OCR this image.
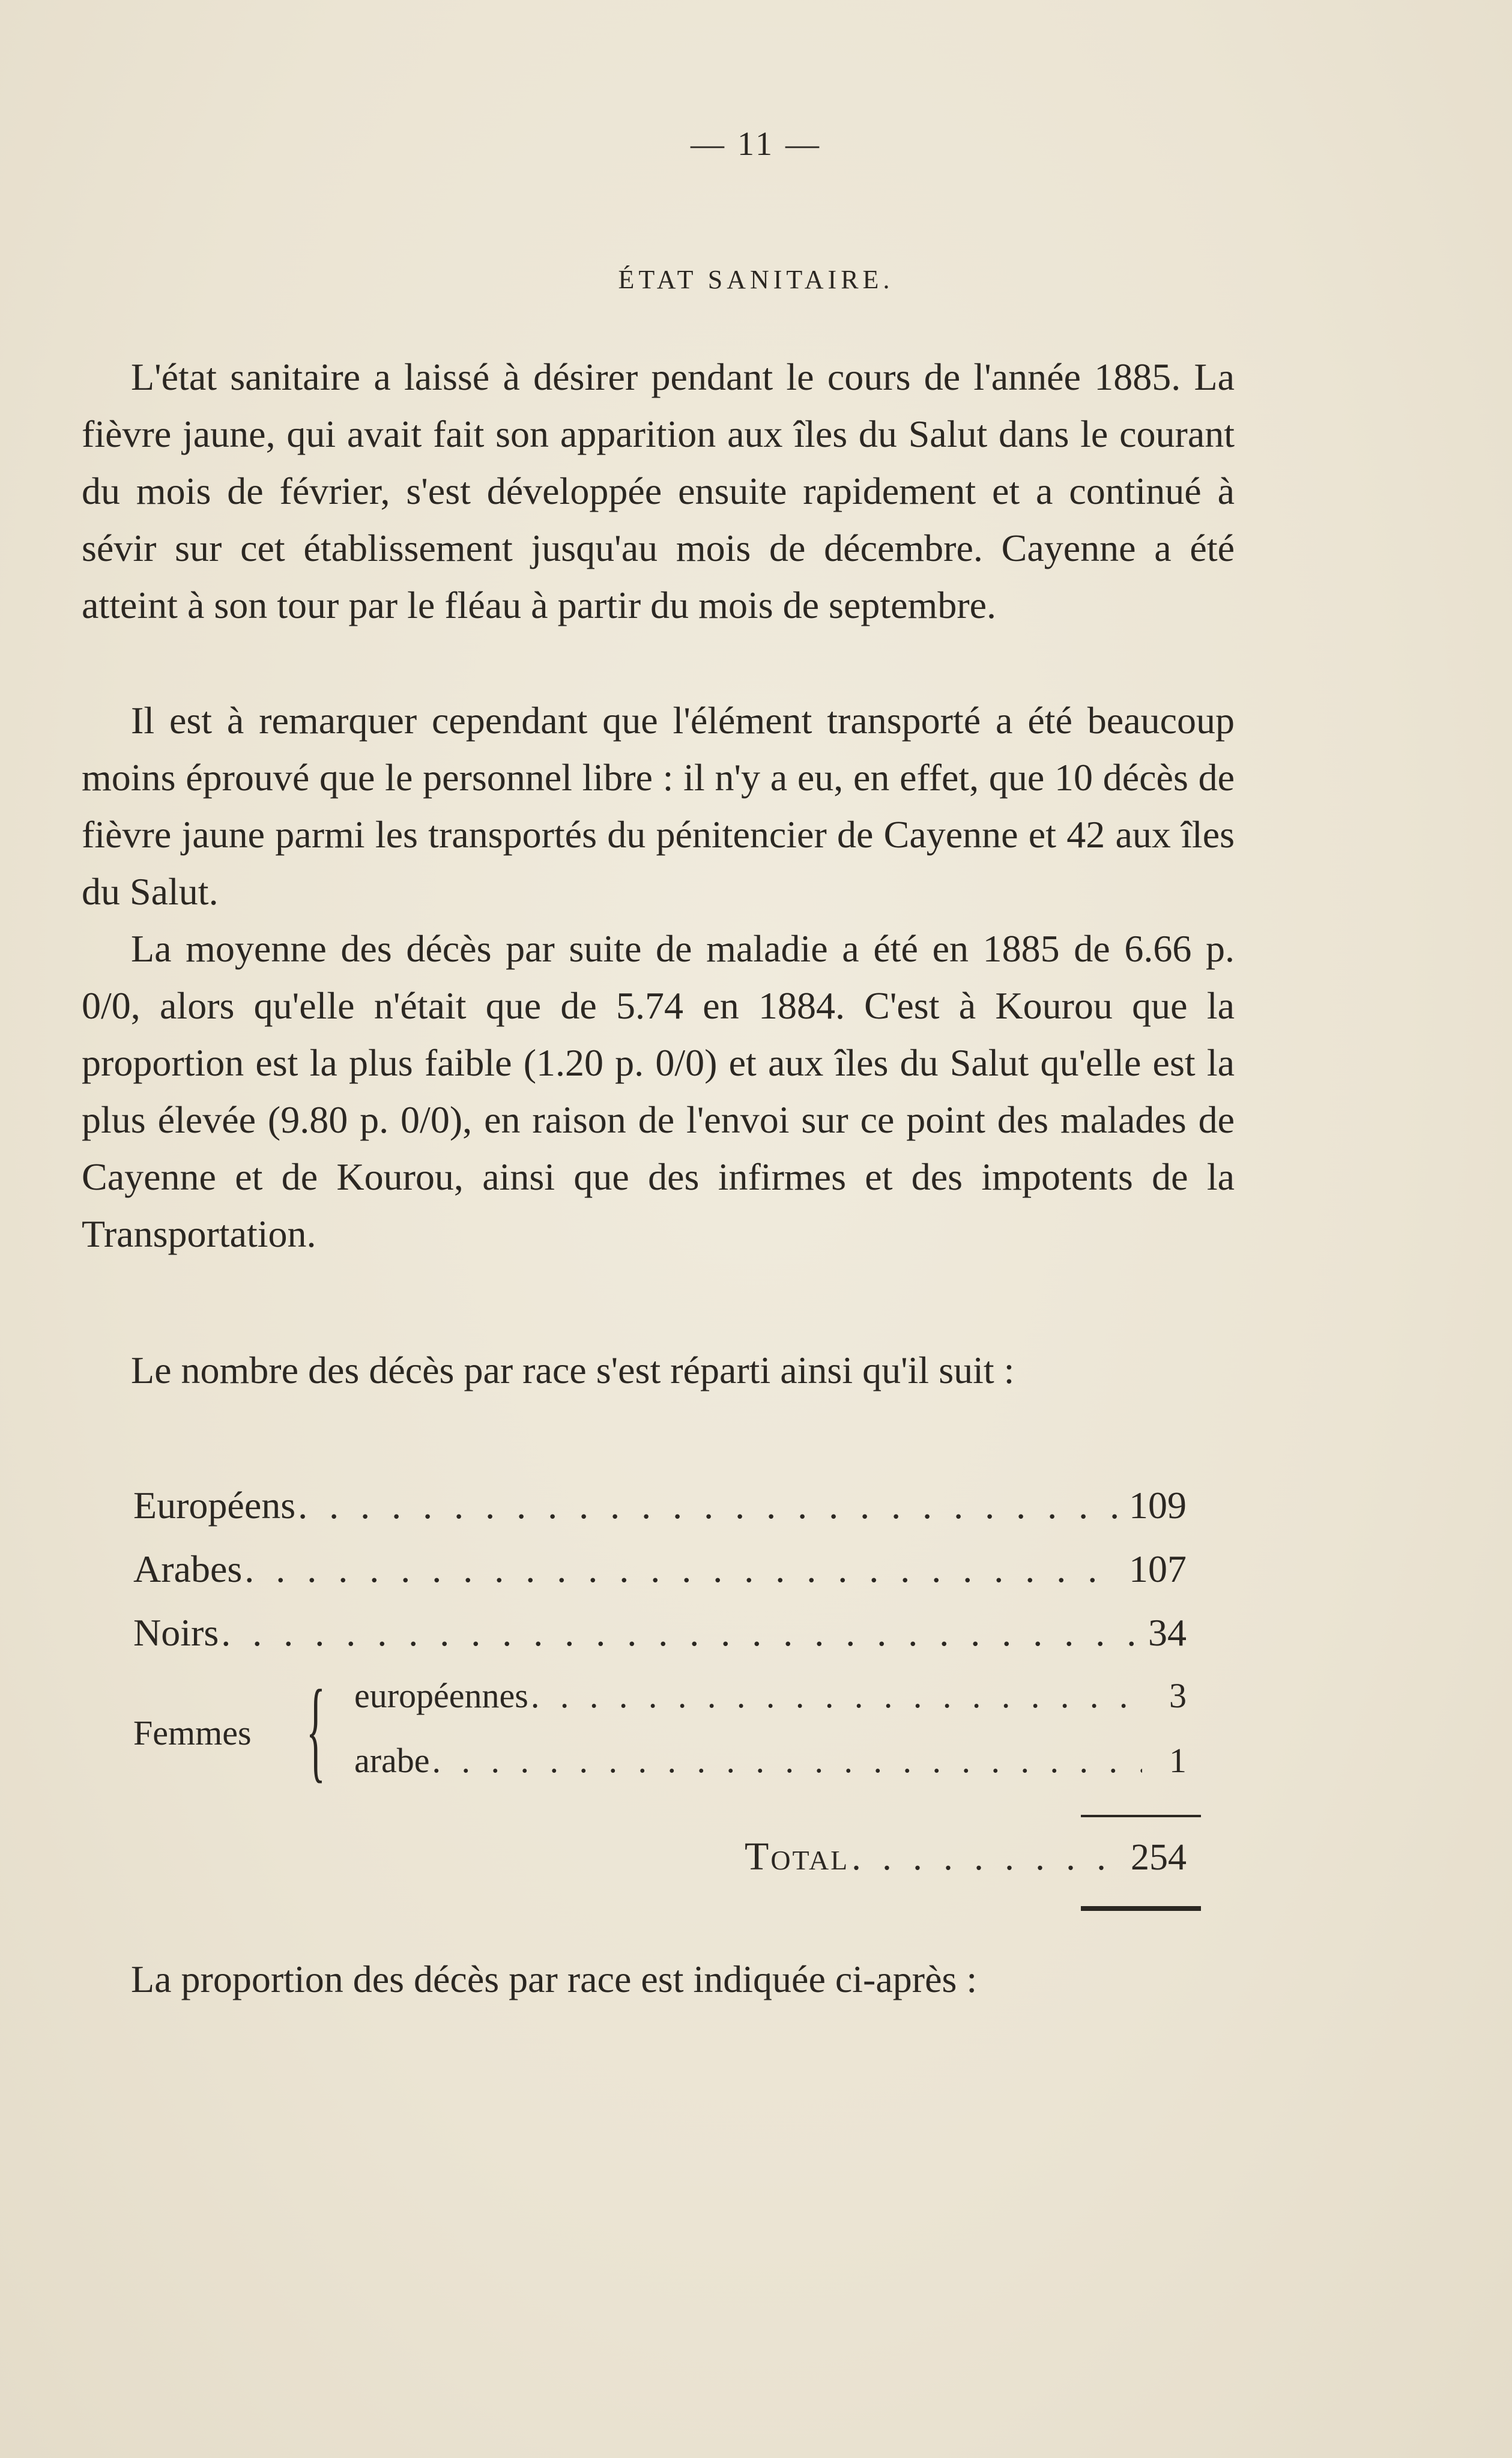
— 11 —
ÉTAT SANITAIRE.

L'état sanitaire a laissé à désirer pendant le cours de l'année 1885. La fièvre jaune, qui avait fait son apparition aux îles du Salut dans le courant du mois de février, s'est développée ensuite rapidement et a continué à sévir sur cet établissement jusqu'au mois de décembre. Cayenne a été atteint à son tour par le fléau à partir du mois de septembre.

Il est à remarquer cependant que l'élément transporté a été beaucoup moins éprouvé que le personnel libre : il n'y a eu, en effet, que 10 décès de fièvre jaune parmi les transportés du pénitencier de Cayenne et 42 aux îles du Salut.

La moyenne des décès par suite de maladie a été en 1885 de 6.66 p. 0/0, alors qu'elle n'était que de 5.74 en 1884. C'est à Kourou que la proportion est la plus faible (1.20 p. 0/0) et aux îles du Salut qu'elle est la plus élevée (9.80 p. 0/0), en raison de l'envoi sur ce point des malades de Cayenne et de Kourou, ainsi que des infirmes et des impotents de la Transportation.

Le nombre des décès par race s'est réparti ainsi qu'il suit :

Européens . . .	109
Arabes . . .	107
Noirs . . .	34
Femmes { européennes . . .	3
arabe . . .	1
Total . . .	254

La proportion des décès par race est indiquée ci-après :
